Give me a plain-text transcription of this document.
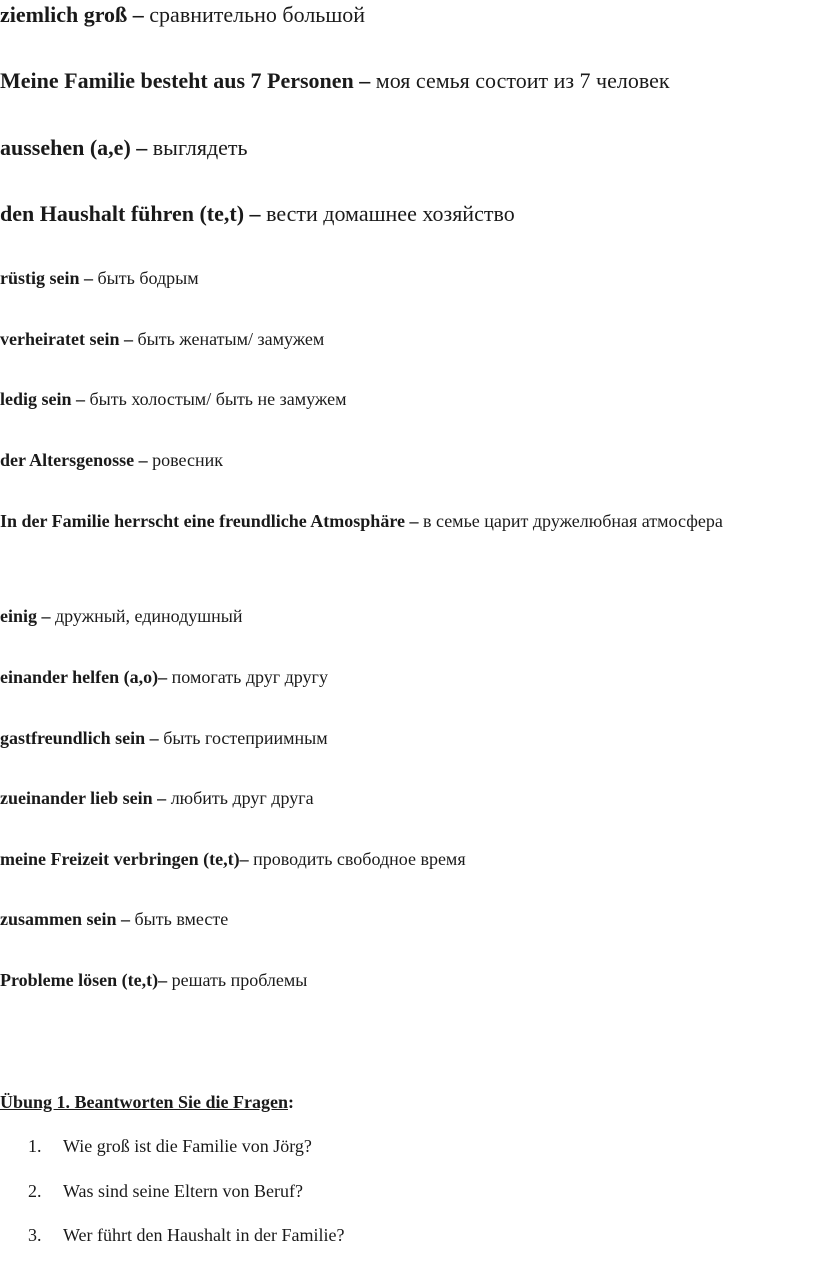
ziemlich groß – сравнительно большой
Meine Familie besteht aus 7 Personen – моя семья состоит из 7 человек
aussehen (a,e) – выглядеть
den Haushalt führen (te,t) – вести домашнее хозяйство
rüstig sein – быть бодрым
verheiratet sein – быть женатым/ замужем
ledig sein – быть холостым/ быть не замужем
der Altersgenosse – ровесник
In der Familie herrscht eine freundliche Atmosphäre – в семье царит дружелюбная атмосфера
einig – дружный, единодушный
einander helfen (a,o)– помогать друг другу
gastfreundlich sein – быть гостеприимным
zueinander lieb sein – любить друг друга
meine Freizeit verbringen (te,t)– проводить свободное время
zusammen sein – быть вместе
Probleme lösen (te,t)– решать проблемы
Übung 1. Beantworten Sie die Fragen:
1. Wie groß ist die Familie von Jörg?
2. Was sind seine Eltern von Beruf?
3. Wer führt den Haushalt in der Familie?
